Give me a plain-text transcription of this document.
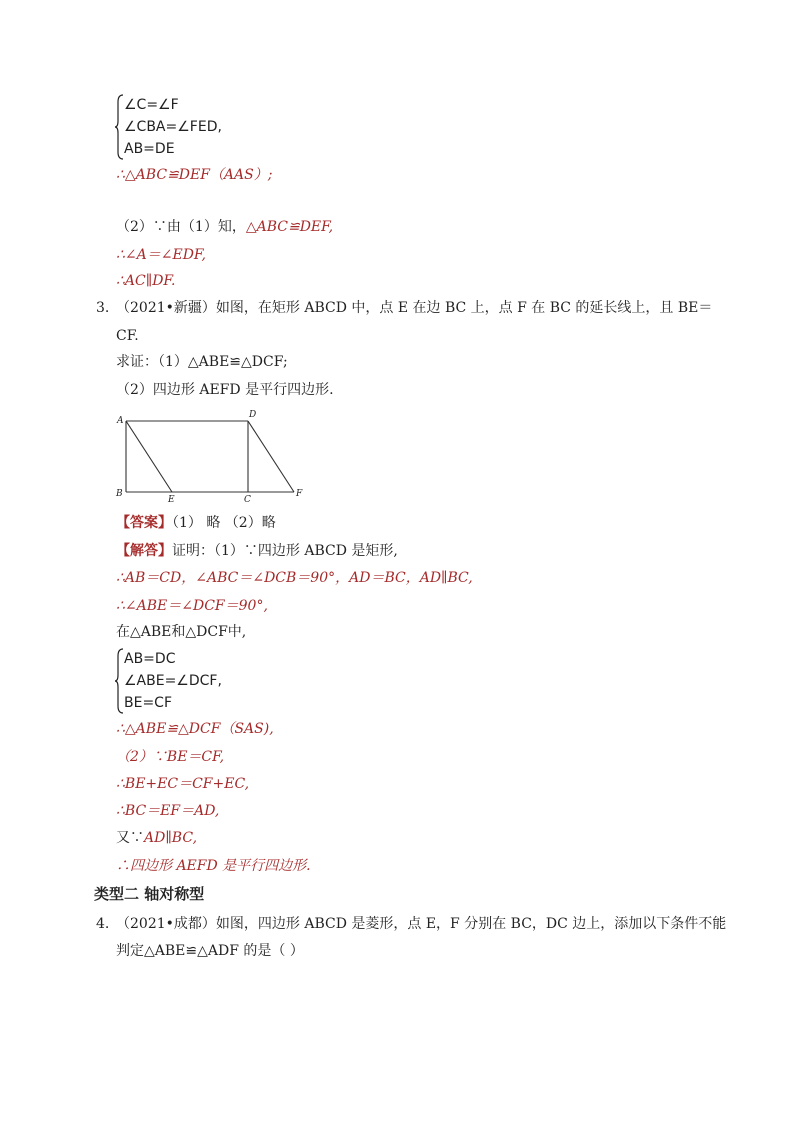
∠C=∠F
∠CBA=∠FED,
AB=DE
∴△ABC≌DEF（AAS）;
（2）∵由（1）知，△ABC≌DEF,
∴∠A＝∠EDF,
∴AC∥DF.
3. （2021•新疆）如图，在矩形 ABCD 中，点 E 在边 BC 上，点 F 在 BC 的延长线上，且 BE＝
CF.
求证：（1）△ABE≌△DCF;
（2）四边形 AEFD 是平行四边形.
A
D
B
E	C
F
【答案】（1） 略 （2）略
【解答】证明：（1）∵四边形 ABCD 是矩形,
∴AB＝CD，∠ABC＝∠DCB＝90°，AD＝BC，AD∥BC,
∴∠ABE＝∠DCF＝90°,
在△ABE和△DCF中,
AB=DC
∠ABE=∠DCF,
BE=CF
∴△ABE≌△DCF（SAS),
（2）∵BE＝CF,
∴BE+EC＝CF+EC,
∴BC＝EF＝AD,
又∵AD∥BC,
∴四边形 AEFD 是平行四边形.
类型二 轴对称型
4. （2021•成都）如图，四边形 ABCD 是菱形，点 E，F 分别在 BC，DC 边上，添加以下条件不能
判定△ABE≌△ADF 的是（ ）
